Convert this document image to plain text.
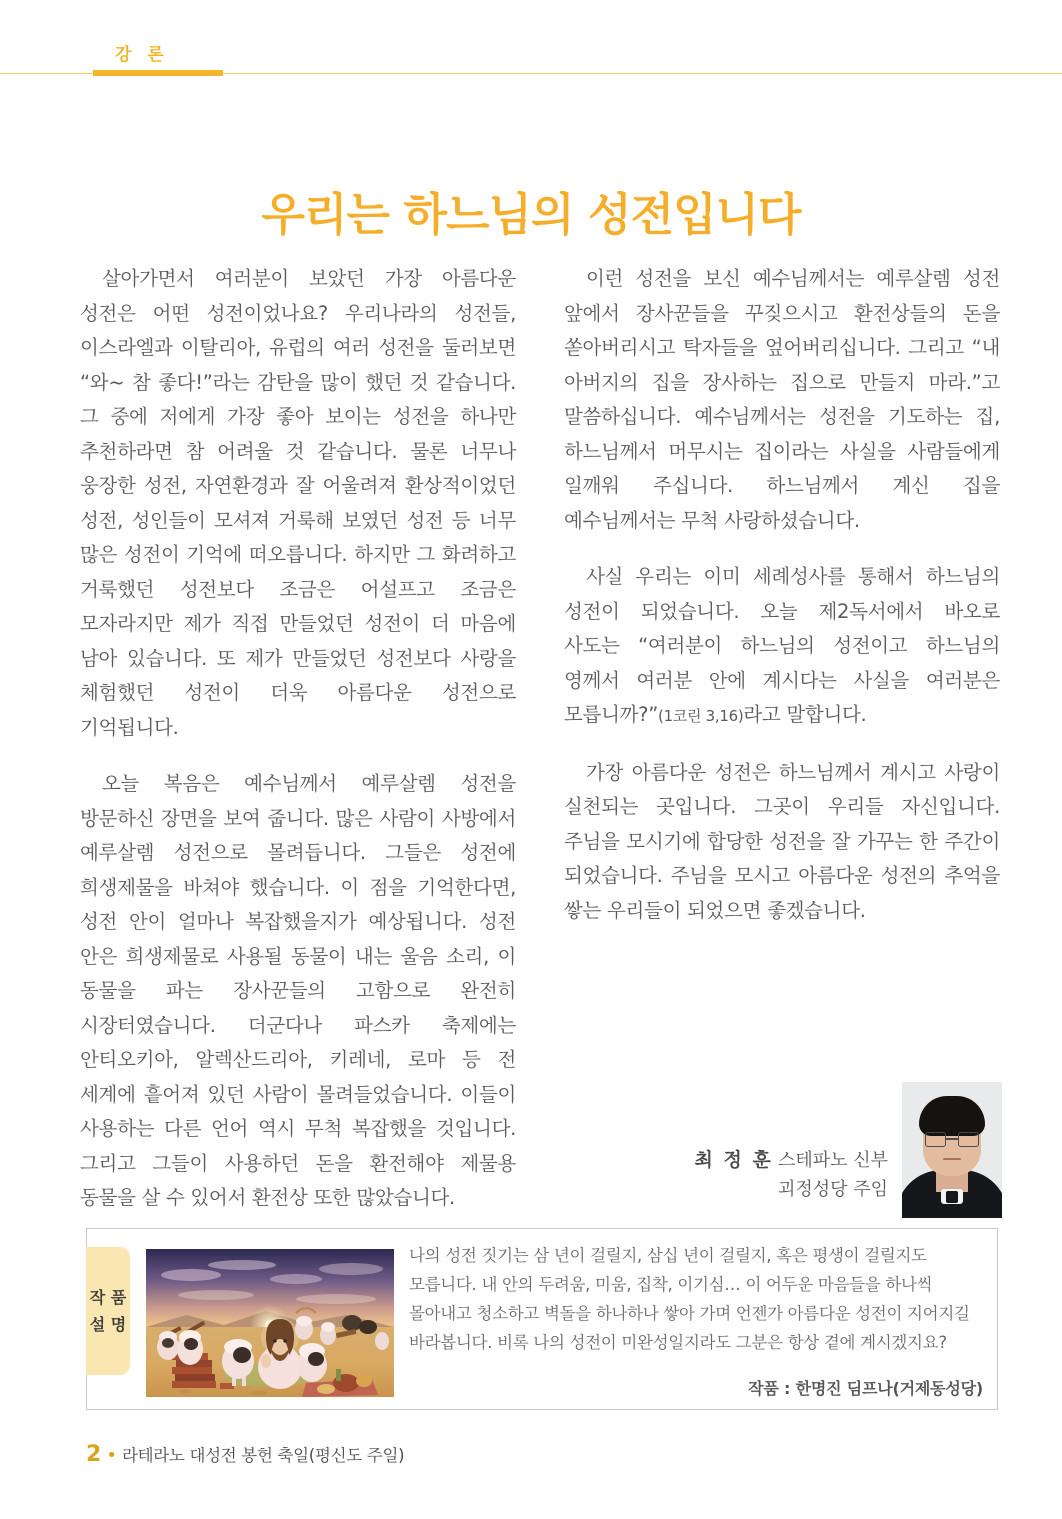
강 론
우리는 하느님의 성전입니다

살아가면서 여러분이 보았던 가장 아름다운 성전은 어떤 성전이었나요? 우리나라의 성전들, 이스라엘과 이탈리아, 유럽의 여러 성전을 둘러보면 “와~ 참 좋다!”라는 감탄을 많이 했던 것 같습니다. 그 중에 저에게 가장 좋아 보이는 성전을 하나만 추천하라면 참 어려울 것 같습니다. 물론 너무나 웅장한 성전, 자연환경과 잘 어울려져 환상적이었던 성전, 성인들이 모셔져 거룩해 보였던 성전 등 너무 많은 성전이 기억에 떠오릅니다. 하지만 그 화려하고 거룩했던 성전보다 조금은 어설프고 조금은 모자라지만 제가 직접 만들었던 성전이 더 마음에 남아 있습니다. 또 제가 만들었던 성전보다 사랑을 체험했던 성전이 더욱 아름다운 성전으로 기억됩니다.

오늘 복음은 예수님께서 예루살렘 성전을 방문하신 장면을 보여 줍니다. 많은 사람이 사방에서 예루살렘 성전으로 몰려듭니다. 그들은 성전에 희생제물을 바쳐야 했습니다. 이 점을 기억한다면, 성전 안이 얼마나 복잡했을지가 예상됩니다. 성전 안은 희생제물로 사용될 동물이 내는 울음 소리, 이 동물을 파는 장사꾼들의 고함으로 완전히 시장터였습니다. 더군다나 파스카 축제에는 안티오키아, 알렉산드리아, 키레네, 로마 등 전 세계에 흩어져 있던 사람이 몰려들었습니다. 이들이 사용하는 다른 언어 역시 무척 복잡했을 것입니다. 그리고 그들이 사용하던 돈을 환전해야 제물용 동물을 살 수 있어서 환전상 또한 많았습니다.

이런 성전을 보신 예수님께서는 예루살렘 성전 앞에서 장사꾼들을 꾸짖으시고 환전상들의 돈을 쏟아버리시고 탁자들을 엎어버리십니다. 그리고 “내 아버지의 집을 장사하는 집으로 만들지 마라.”고 말씀하십니다. 예수님께서는 성전을 기도하는 집, 하느님께서 머무시는 집이라는 사실을 사람들에게 일깨워 주십니다. 하느님께서 계신 집을 예수님께서는 무척 사랑하셨습니다.

사실 우리는 이미 세례성사를 통해서 하느님의 성전이 되었습니다. 오늘 제2독서에서 바오로 사도는 “여러분이 하느님의 성전이고 하느님의 영께서 여러분 안에 계시다는 사실을 여러분은 모릅니까?”(1코린 3,16)라고 말합니다.

가장 아름다운 성전은 하느님께서 계시고 사랑이 실천되는 곳입니다. 그곳이 우리들 자신입니다. 주님을 모시기에 합당한 성전을 잘 가꾸는 한 주간이 되었습니다. 주님을 모시고 아름다운 성전의 추억을 쌓는 우리들이 되었으면 좋겠습니다.

최 정 훈 스테파노 신부
괴정성당 주임
작 품
설 명
나의 성전 짓기는 삼 년이 걸릴지, 삼십 년이 걸릴지, 혹은 평생이 걸릴지도 모릅니다. 내 안의 두려움, 미움, 집착, 이기심… 이 어두운 마음들을 하나씩 몰아내고 청소하고 벽돌을 하나하나 쌓아 가며 언젠가 아름다운 성전이 지어지길 바라봅니다. 비록 나의 성전이 미완성일지라도 그분은 항상 곁에 계시겠지요?
작품 : 한명진 딤프나(거제동성당)
2 • 라테라노 대성전 봉헌 축일(평신도 주일)
